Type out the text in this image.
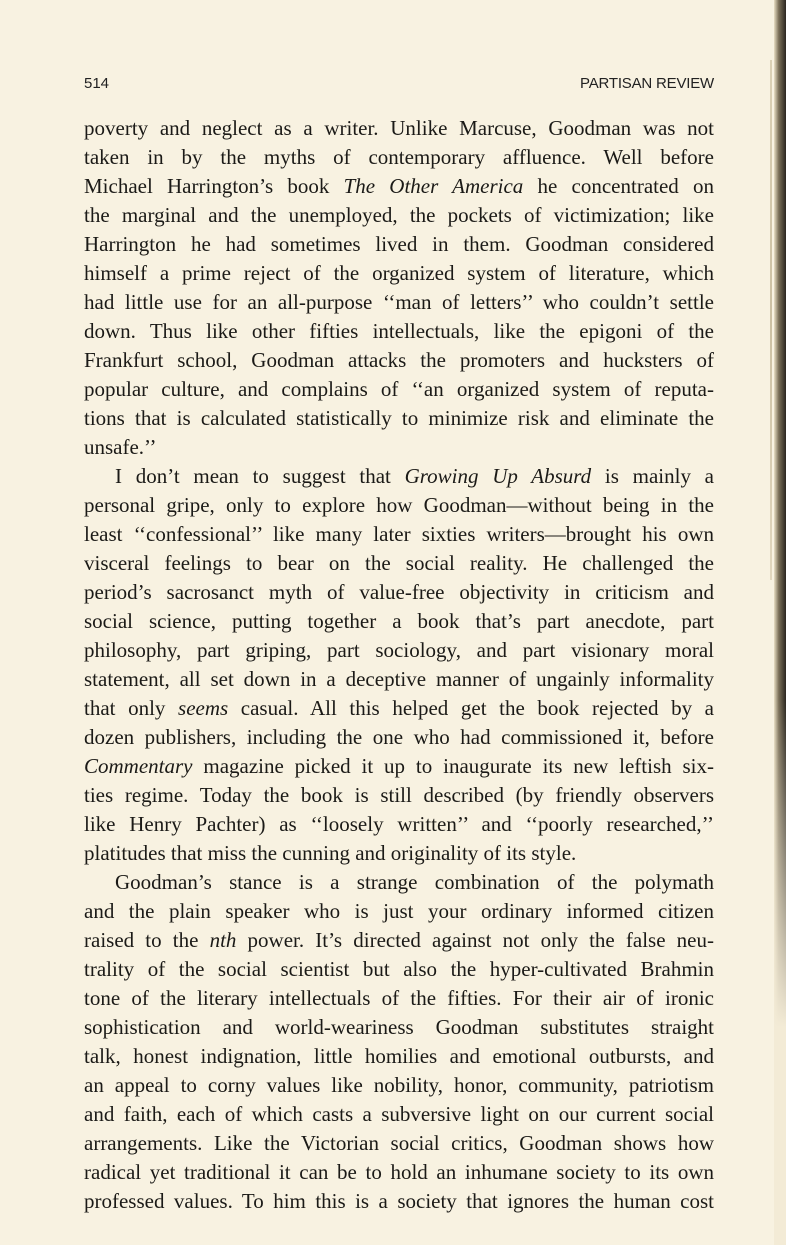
514	PARTISAN REVIEW
poverty and neglect as a writer. Unlike Marcuse, Goodman was not
taken in by the myths of contemporary affluence. Well before
Michael Harrington’s book The Other America he concentrated on
the marginal and the unemployed, the pockets of victimization; like
Harrington he had sometimes lived in them. Goodman considered
himself a prime reject of the organized system of literature, which
had little use for an all-purpose ‘‘man of letters’’ who couldn’t settle
down. Thus like other fifties intellectuals, like the epigoni of the
Frankfurt school, Goodman attacks the promoters and hucksters of
popular culture, and complains of ‘‘an organized system of reputa-
tions that is calculated statistically to minimize risk and eliminate the
unsafe.’’
I don’t mean to suggest that Growing Up Absurd is mainly a
personal gripe, only to explore how Goodman—without being in the
least ‘‘confessional’’ like many later sixties writers—brought his own
visceral feelings to bear on the social reality. He challenged the
period’s sacrosanct myth of value-free objectivity in criticism and
social science, putting together a book that’s part anecdote, part
philosophy, part griping, part sociology, and part visionary moral
statement, all set down in a deceptive manner of ungainly informality
that only seems casual. All this helped get the book rejected by a
dozen publishers, including the one who had commissioned it, before
Commentary magazine picked it up to inaugurate its new leftish six-
ties regime. Today the book is still described (by friendly observers
like Henry Pachter) as ‘‘loosely written’’ and ‘‘poorly researched,’’
platitudes that miss the cunning and originality of its style.
Goodman’s stance is a strange combination of the polymath
and the plain speaker who is just your ordinary informed citizen
raised to the nth power. It’s directed against not only the false neu-
trality of the social scientist but also the hyper-cultivated Brahmin
tone of the literary intellectuals of the fifties. For their air of ironic
sophistication and world-weariness Goodman substitutes straight
talk, honest indignation, little homilies and emotional outbursts, and
an appeal to corny values like nobility, honor, community, patriotism
and faith, each of which casts a subversive light on our current social
arrangements. Like the Victorian social critics, Goodman shows how
radical yet traditional it can be to hold an inhumane society to its own
professed values. To him this is a society that ignores the human cost
